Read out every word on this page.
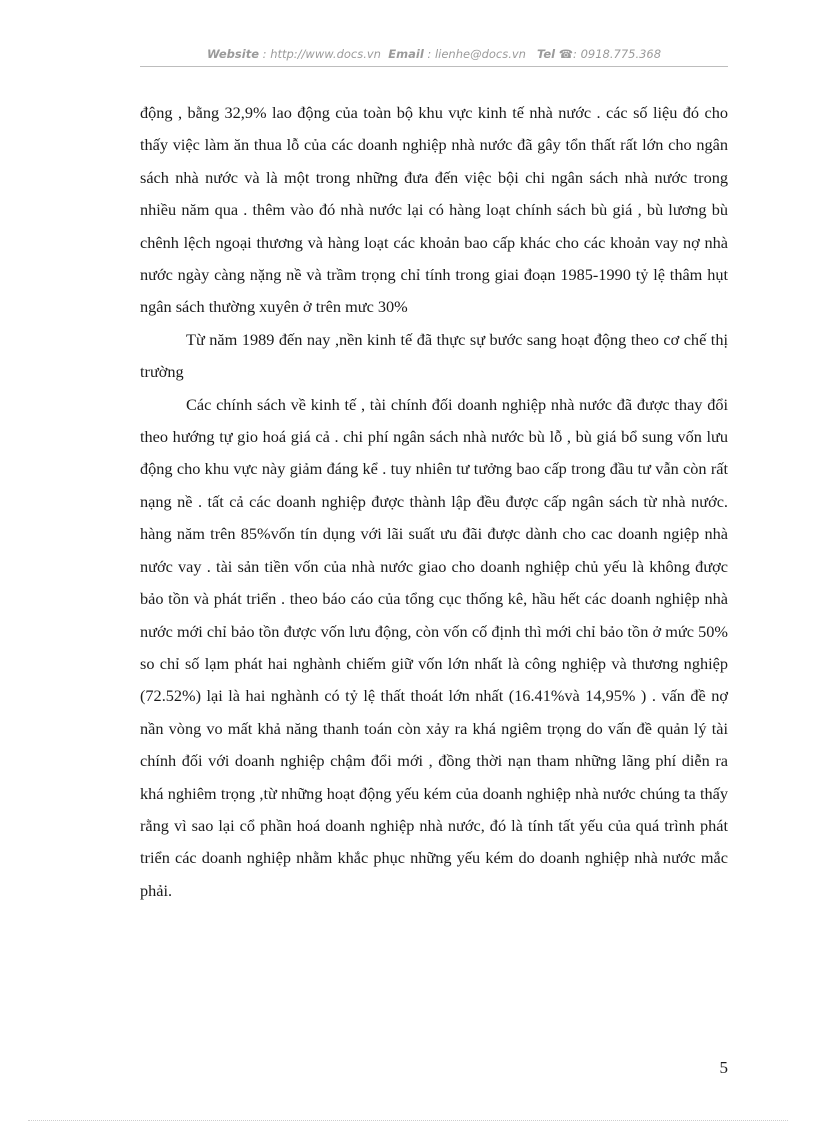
Website : http://www.docs.vn Email : lienhe@docs.vn Tel ☎: 0918.775.368

động , bằng 32,9% lao động của toàn bộ khu vực kinh tế nhà nước . các số liệu đó cho thấy việc làm ăn thua lỗ của các doanh nghiệp nhà nước đã gây tổn thất rất lớn cho ngân sách nhà nước và là một trong những đưa đến việc bội chi ngân sách nhà nước trong nhiều năm qua . thêm vào đó nhà nước lại có hàng loạt chính sách bù giá , bù lương bù chênh lệch ngoại thương và hàng loạt các khoản bao cấp khác cho các khoản vay nợ nhà nước ngày càng nặng nề và trầm trọng chỉ tính trong giai đoạn 1985-1990 tỷ lệ thâm hụt ngân sách thường xuyên ở trên mưc 30%

Từ năm 1989 đến nay ,nền kinh tế đã thực sự bước sang hoạt động theo cơ chế thị trường

Các chính sách về kinh tế , tài chính đối doanh nghiệp nhà nước đã được thay đổi theo hướng tự gio hoá giá cả . chi phí ngân sách nhà nước bù lỗ , bù giá bổ sung vốn lưu động cho khu vực này giảm đáng kể . tuy nhiên tư tưởng bao cấp trong đầu tư vẫn còn rất nạng nề . tất cả các doanh nghiệp được thành lập đều được cấp ngân sách từ nhà nước. hàng năm trên 85%vốn tín dụng với lãi suất ưu đãi được dành cho cac doanh ngiệp nhà nước vay . tài sản tiền vốn của nhà nước giao cho doanh nghiệp chủ yếu là không được bảo tồn và phát triển . theo báo cáo của tổng cục thống kê, hầu hết các doanh nghiệp nhà nước mới chỉ bảo tồn được vốn lưu động, còn vốn cố định thì mới chỉ bảo tồn ở mức 50% so chỉ số lạm phát hai nghành chiếm giữ vốn lớn nhất là công nghiệp và thương nghiệp (72.52%) lại là hai nghành có tỷ lệ thất thoát lớn nhất (16.41%và 14,95% ) . vấn đề nợ nần vòng vo mất khả năng thanh toán còn xảy ra khá ngiêm trọng do vấn đề quản lý tài chính đối với doanh nghiệp chậm đổi mới , đồng thời nạn tham những lãng phí diễn ra khá nghiêm trọng ,từ những hoạt động yếu kém của doanh nghiệp nhà nước chúng ta thấy rằng vì sao lại cổ phần hoá doanh nghiệp nhà nước, đó là tính tất yếu của quá trình phát triển các doanh nghiệp nhằm khắc phục những yếu kém do doanh nghiệp nhà nước mắc phải.

5
